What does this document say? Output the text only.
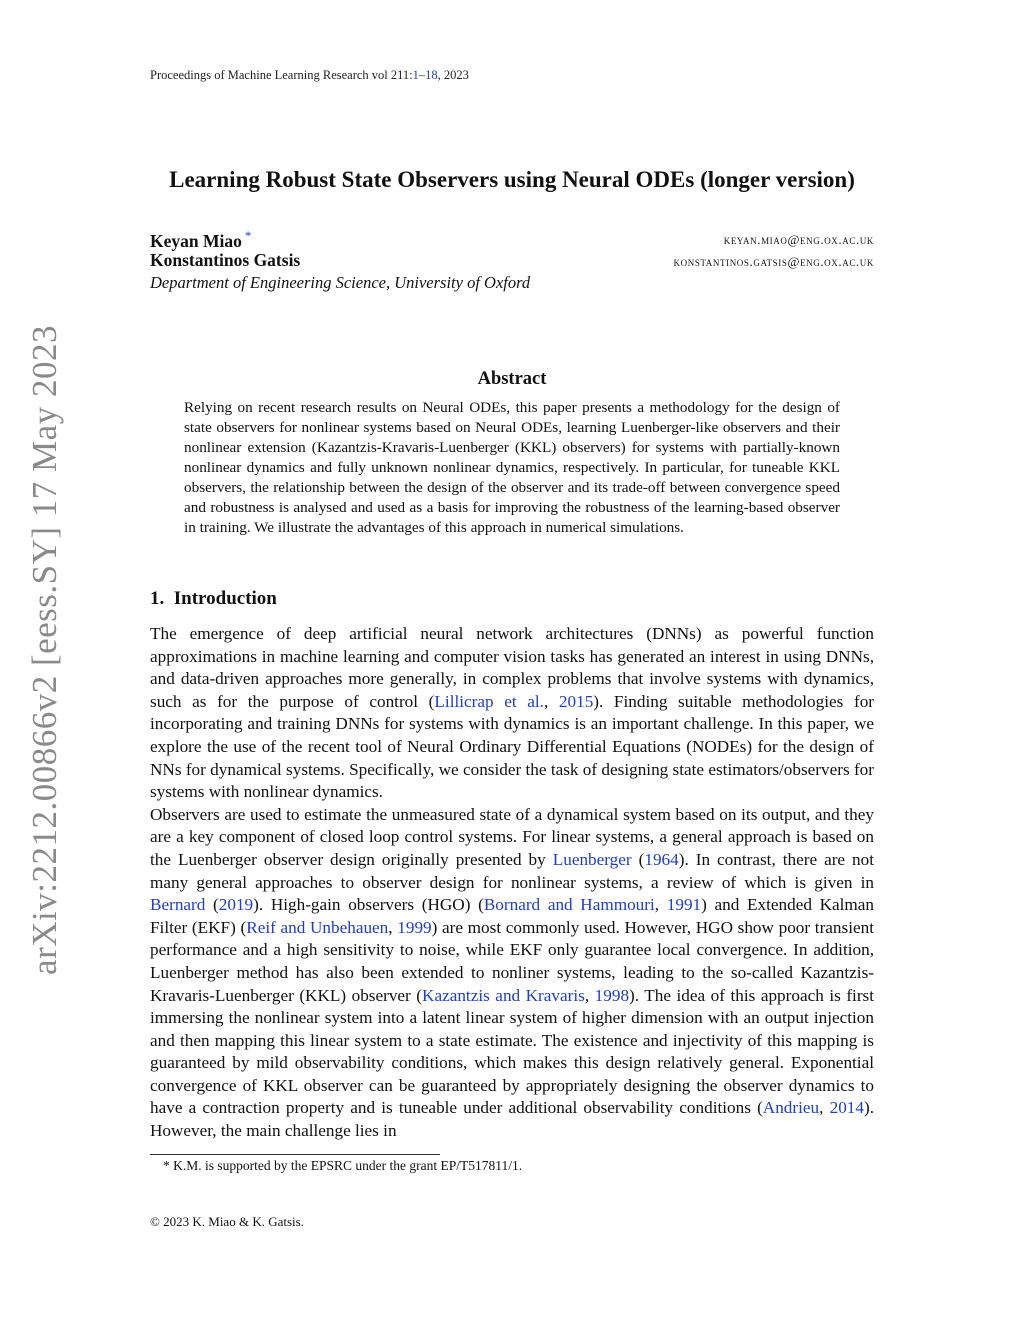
Proceedings of Machine Learning Research vol 211:1–18, 2023
Learning Robust State Observers using Neural ODEs (longer version)
Keyan Miao *	keyan.miao@eng.ox.ac.uk
Konstantinos Gatsis	konstantinos.gatsis@eng.ox.ac.uk
Department of Engineering Science, University of Oxford
arXiv:2212.00866v2 [eess.SY] 17 May 2023	Abstract
Relying on recent research results on Neural ODEs, this paper presents a methodology for the design of state observers for nonlinear systems based on Neural ODEs, learning Luenberger-like observers and their nonlinear extension (Kazantzis-Kravaris-Luenberger (KKL) observers) for systems with partially-known nonlinear dynamics and fully unknown nonlinear dynamics, respectively. In particular, for tuneable KKL observers, the relationship between the design of the observer and its trade-off between convergence speed and robustness is analysed and used as a basis for improving the robustness of the learning-based observer in training. We illustrate the advantages of this approach in numerical simulations.
1. Introduction

The emergence of deep artificial neural network architectures (DNNs) as powerful function approximations in machine learning and computer vision tasks has generated an interest in using DNNs, and data-driven approaches more generally, in complex problems that involve systems with dynamics, such as for the purpose of control (Lillicrap et al., 2015). Finding suitable methodologies for incorporating and training DNNs for systems with dynamics is an important challenge. In this paper, we explore the use of the recent tool of Neural Ordinary Differential Equations (NODEs) for the design of NNs for dynamical systems. Specifically, we consider the task of designing state estimators/observers for systems with nonlinear dynamics.

Observers are used to estimate the unmeasured state of a dynamical system based on its output, and they are a key component of closed loop control systems. For linear systems, a general approach is based on the Luenberger observer design originally presented by Luenberger (1964). In contrast, there are not many general approaches to observer design for nonlinear systems, a review of which is given in Bernard (2019). High-gain observers (HGO) (Bornard and Hammouri, 1991) and Extended Kalman Filter (EKF) (Reif and Unbehauen, 1999) are most commonly used. However, HGO show poor transient performance and a high sensitivity to noise, while EKF only guarantee local convergence. In addition, Luenberger method has also been extended to nonliner systems, leading to the so-called Kazantzis-Kravaris-Luenberger (KKL) observer (Kazantzis and Kravaris, 1998). The idea of this approach is first immersing the nonlinear system into a latent linear system of higher dimension with an output injection and then mapping this linear system to a state estimate. The existence and injectivity of this mapping is guaranteed by mild observability conditions, which makes this design relatively general. Exponential convergence of KKL observer can be guaranteed by appropriately designing the observer dynamics to have a contraction property and is tuneable under additional observability conditions (Andrieu, 2014). However, the main challenge lies in

* K.M. is supported by the EPSRC under the grant EP/T517811/1.
© 2023 K. Miao & K. Gatsis.
